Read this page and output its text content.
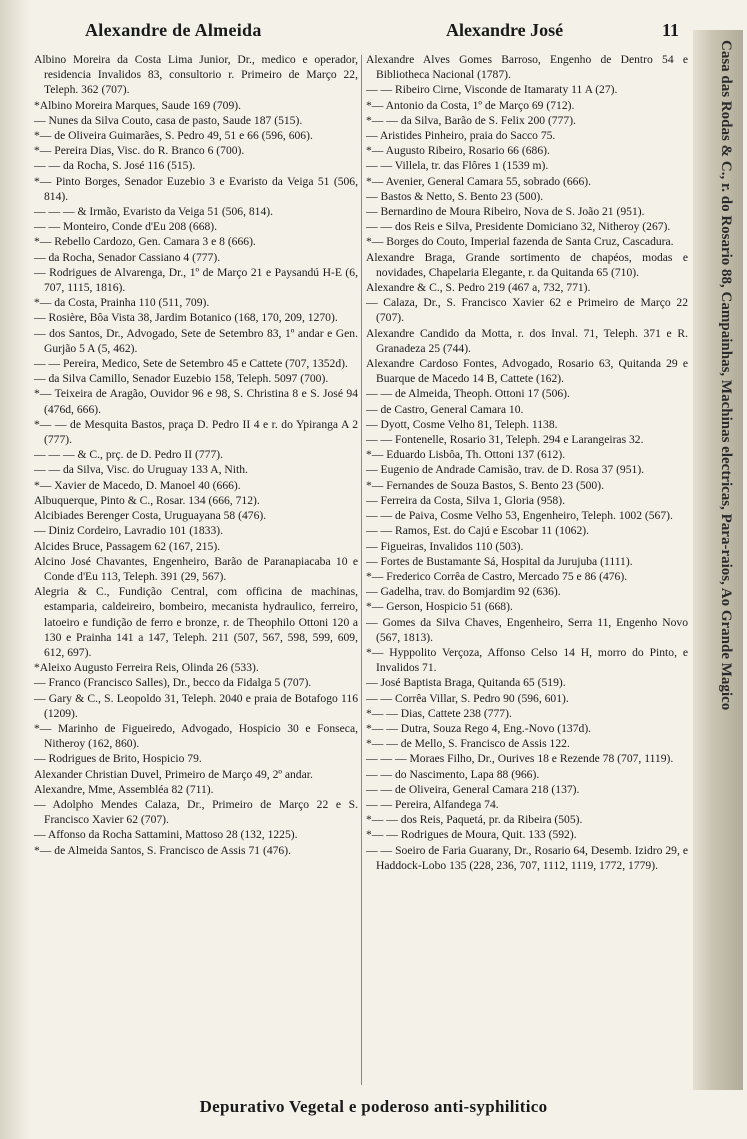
Alexandre de Almeida	Alexandre José	11

Albino Moreira da Costa Lima Junior, Dr., medico e operador, residencia Invalidos 83, consultorio r. Primeiro de Março 22, Teleph. 362 (707).

*Albino Moreira Marques, Saude 169 (709).

— Nunes da Silva Couto, casa de pasto, Saude 187 (515).

*— de Oliveira Guimarães, S. Pedro 49, 51 e 66 (596, 606).

*— Pereira Dias, Visc. do R. Branco 6 (700).

— — da Rocha, S. José 116 (515).

*— Pinto Borges, Senador Euzebio 3 e Evaristo da Veiga 51 (506, 814).

— — — & Irmão, Evaristo da Veiga 51 (506, 814).

— — Monteiro, Conde d'Eu 208 (668).

*— Rebello Cardozo, Gen. Camara 3 e 8 (666).

— da Rocha, Senador Cassiano 4 (777).

— Rodrigues de Alvarenga, Dr., 1º de Março 21 e Paysandú H-E (6, 707, 1115, 1816).

*— da Costa, Prainha 110 (511, 709).

— Rosière, Bôa Vista 38, Jardim Botanico (168, 170, 209, 1270).

— dos Santos, Dr., Advogado, Sete de Setembro 83, 1º andar e Gen. Gurjão 5 A (5, 462).

— — Pereira, Medico, Sete de Setembro 45 e Cattete (707, 1352d).

— da Silva Camillo, Senador Euzebio 158, Teleph. 5097 (700).

*— Teixeira de Aragão, Ouvidor 96 e 98, S. Christina 8 e S. José 94 (476d, 666).

*— — de Mesquita Bastos, praça D. Pedro II 4 e r. do Ypiranga A 2 (777).

— — — & C., prç. de D. Pedro II (777).

— — da Silva, Visc. do Uruguay 133 A, Nith.

*— Xavier de Macedo, D. Manoel 40 (666).

Albuquerque, Pinto & C., Rosar. 134 (666, 712).

Alcibiades Berenger Costa, Uruguayana 58 (476).

— Diniz Cordeiro, Lavradio 101 (1833).

Alcides Bruce, Passagem 62 (167, 215).

Alcino José Chavantes, Engenheiro, Barão de Paranapiacaba 10 e Conde d'Eu 113, Teleph. 391 (29, 567).

Alegria & C., Fundição Central, com officina de machinas, estamparia, caldeireiro, bombeiro, mecanista hydraulico, ferreiro, latoeiro e fundição de ferro e bronze, r. de Theophilo Ottoni 120 a 130 e Prainha 141 a 147, Teleph. 211 (507, 567, 598, 599, 609, 612, 697).

*Aleixo Augusto Ferreira Reis, Olinda 26 (533).

— Franco (Francisco Salles), Dr., becco da Fidalga 5 (707).

— Gary & C., S. Leopoldo 31, Teleph. 2040 e praia de Botafogo 116 (1209).

*— Marinho de Figueiredo, Advogado, Hospicio 30 e Fonseca, Nitheroy (162, 860).

— Rodrigues de Brito, Hospicio 79.

Alexander Christian Duvel, Primeiro de Março 49, 2º andar.

Alexandre, Mme, Assembléa 82 (711).

— Adolpho Mendes Calaza, Dr., Primeiro de Março 22 e S. Francisco Xavier 62 (707).

— Affonso da Rocha Sattamini, Mattoso 28 (132, 1225).

*— de Almeida Santos, S. Francisco de Assis 71 (476).

Alexandre Alves Gomes Barroso, Engenho de Dentro 54 e Bibliotheca Nacional (1787).

— — Ribeiro Cirne, Visconde de Itamaraty 11 A (27).

*— Antonio da Costa, 1º de Março 69 (712).

*— — da Silva, Barão de S. Felix 200 (777).

— Aristides Pinheiro, praia do Sacco 75.

*— Augusto Ribeiro, Rosario 66 (686).

— — Villela, tr. das Flôres 1 (1539 m).

*— Avenier, General Camara 55, sobrado (666).

— Bastos & Netto, S. Bento 23 (500).

— Bernardino de Moura Ribeiro, Nova de S. João 21 (951).

— — dos Reis e Silva, Presidente Domiciano 32, Nitheroy (267).

*— Borges do Couto, Imperial fazenda de Santa Cruz, Cascadura.

Alexandre Braga, Grande sortimento de chapéos, modas e novidades, Chapelaria Elegante, r. da Quitanda 65 (710).

Alexandre & C., S. Pedro 219 (467 a, 732, 771).

— Calaza, Dr., S. Francisco Xavier 62 e Primeiro de Março 22 (707).

Alexandre Candido da Motta, r. dos Inval. 71, Teleph. 371 e R. Granadeza 25 (744).

Alexandre Cardoso Fontes, Advogado, Rosario 63, Quitanda 29 e Buarque de Macedo 14 B, Cattete (162).

— — de Almeida, Theoph. Ottoni 17 (506).

— de Castro, General Camara 10.

— Dyott, Cosme Velho 81, Teleph. 1138.

— — Fontenelle, Rosario 31, Teleph. 294 e Larangeiras 32.

*— Eduardo Lisbôa, Th. Ottoni 137 (612).

— Eugenio de Andrade Camisão, trav. de D. Rosa 37 (951).

*— Fernandes de Souza Bastos, S. Bento 23 (500).

— Ferreira da Costa, Silva 1, Gloria (958).

— — de Paiva, Cosme Velho 53, Engenheiro, Teleph. 1002 (567).

— — Ramos, Est. do Cajú e Escobar 11 (1062).

— Figueiras, Invalidos 110 (503).

— Fortes de Bustamante Sá, Hospital da Jurujuba (1111).

*— Frederico Corrêa de Castro, Mercado 75 e 86 (476).

— Gadelha, trav. do Bomjardim 92 (636).

*— Gerson, Hospicio 51 (668).

— Gomes da Silva Chaves, Engenheiro, Serra 11, Engenho Novo (567, 1813).

*— Hyppolito Verçoza, Affonso Celso 14 H, morro do Pinto, e Invalidos 71.

— José Baptista Braga, Quitanda 65 (519).

— — Corrêa Villar, S. Pedro 90 (596, 601).

*— — Dias, Cattete 238 (777).

*— — Dutra, Souza Rego 4, Eng.-Novo (137d).

*— — de Mello, S. Francisco de Assis 122.

— — — Moraes Filho, Dr., Ourives 18 e Rezende 78 (707, 1119).

— — do Nascimento, Lapa 88 (966).

— — de Oliveira, General Camara 218 (137).

— — Pereira, Alfandega 74.

*— — dos Reis, Paquetá, pr. da Ribeira (505).

*— — Rodrigues de Moura, Quit. 133 (592).

— — Soeiro de Faria Guarany, Dr., Rosario 64, Desemb. Izidro 29, e Haddock-Lobo 135 (228, 236, 707, 1112, 1119, 1772, 1779).

Casa das Rodas & C., r. do Rosario 88, Campainhas, Machinas electricas, Para-raios, Ao Grande Magico
Depurativo Vegetal e poderoso anti-syphilitico
